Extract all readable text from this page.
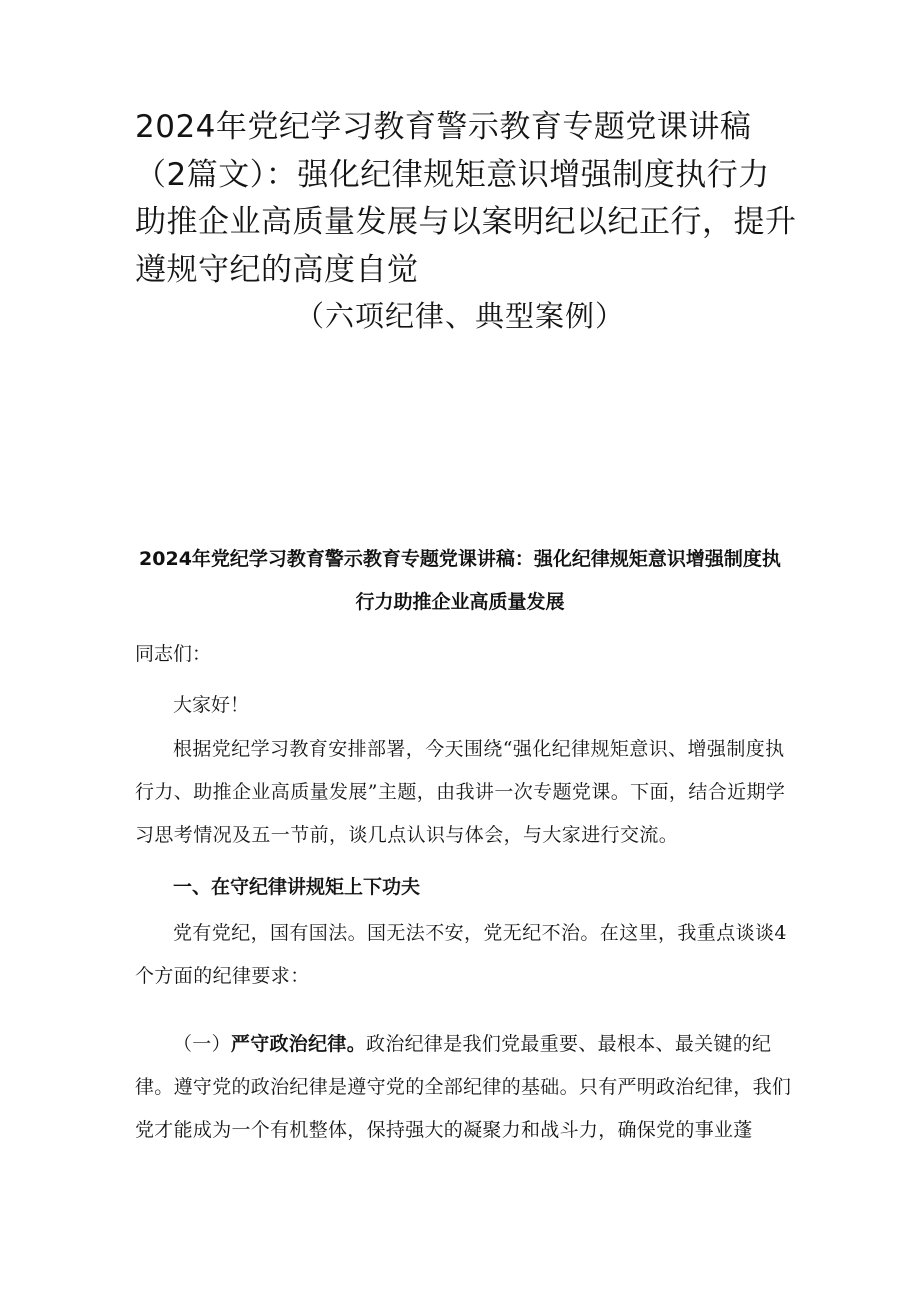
2024年党纪学习教育警示教育专题党课讲稿（2篇文）：强化纪律规矩意识增强制度执行力助推企业高质量发展与以案明纪以纪正行，提升遵规守纪的高度自觉

（六项纪律、典型案例）

2024年党纪学习教育警示教育专题党课讲稿：强化纪律规矩意识增强制度执行力助推企业高质量发展

同志们：

大家好！

根据党纪学习教育安排部署，今天围绕“强化纪律规矩意识、增强制度执行力、助推企业高质量发展”主题，由我讲一次专题党课。下面，结合近期学习思考情况及五一节前，谈几点认识与体会，与大家进行交流。

一、在守纪律讲规矩上下功夫

党有党纪，国有国法。国无法不安，党无纪不治。在这里，我重点谈谈4个方面的纪律要求：

（一）严守政治纪律。政治纪律是我们党最重要、最根本、最关键的纪律。遵守党的政治纪律是遵守党的全部纪律的基础。只有严明政治纪律，我们党才能成为一个有机整体，保持强大的凝聚力和战斗力，确保党的事业蓬
